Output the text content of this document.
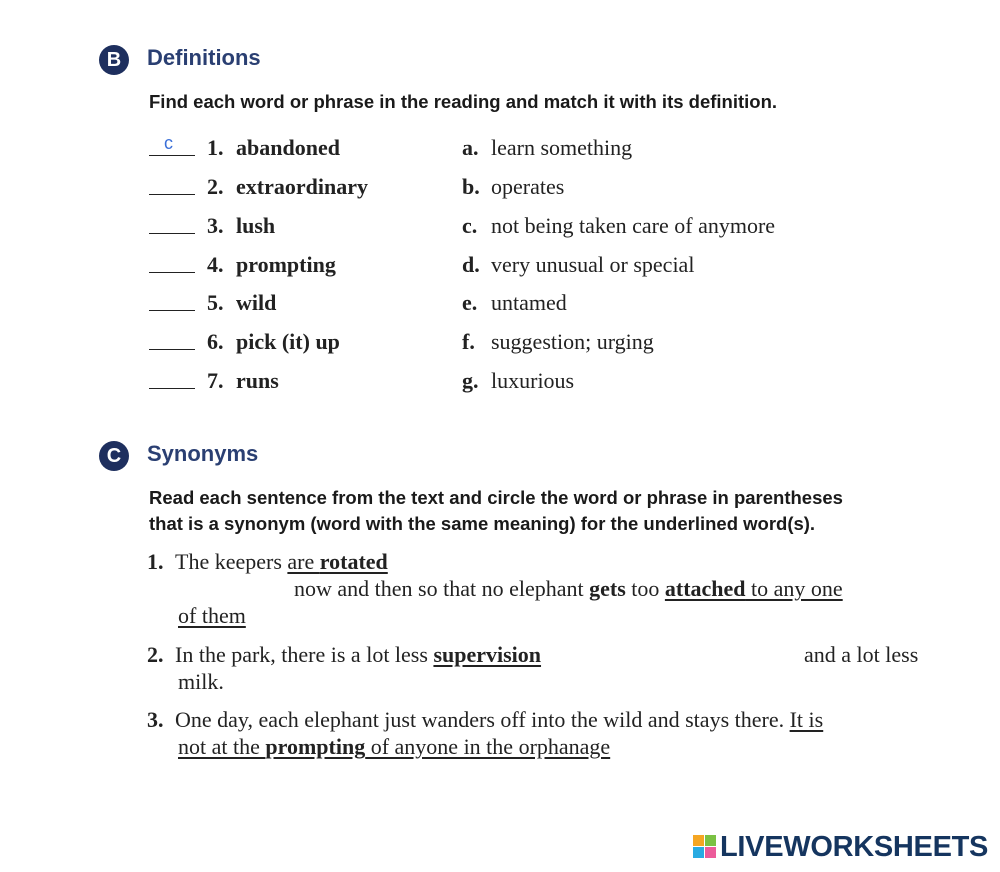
B	Definitions
Find each word or phrase in the reading and match it with its definition.
c 1. abandoned	a. learn something
2. extraordinary	b. operates
3. lush	c. not being taken care of anymore
4. prompting	d. very unusual or special
5. wild	e. untamed
6. pick (it) up	f. suggestion; urging
7. runs	g. luxurious
C	Synonyms
Read each sentence from the text and circle the word or phrase in parentheses
that is a synonym (word with the same meaning) for the underlined word(s).
1. The keepers are rotated
now and then so that no elephant gets too attached to any one
of them
2. In the park, there is a lot less supervision	and a lot less
milk.
3. One day, each elephant just wanders off into the wild and stays there. It is
not at the prompting of anyone in the orphanage
LIVEWORKSHEETS
